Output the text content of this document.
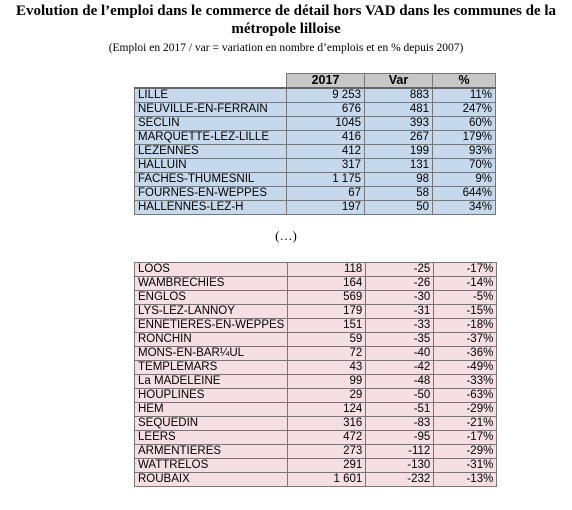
Evolution de l’emploi dans le commerce de détail hors VAD dans les communes de la métropole lilloise
(Emploi en 2017 / var = variation en nombre d’emplois et en % depuis 2007)
	2017	Var	%
LILLE	9 253	883	11%
NEUVILLE-EN-FERRAIN	676	481	247%
SECLIN	1045	393	60%
MARQUETTE-LEZ-LILLE	416	267	179%
LEZENNES	412	199	93%
HALLUIN	317	131	70%
FACHES-THUMESNIL	1 175	98	9%
FOURNES-EN-WEPPES	67	58	644%
HALLENNES-LEZ-H	197	50	34%
(…)
LOOS	118	-25	-17%
WAMBRECHIES	164	-26	-14%
ENGLOS	569	-30	-5%
LYS-LEZ-LANNOY	179	-31	-15%
ENNETIERES-EN-WEPPES	151	-33	-18%
RONCHIN	59	-35	-37%
MONS-EN-BAR¼UL	72	-40	-36%
TEMPLEMARS	43	-42	-49%
La MADELEINE	99	-48	-33%
HOUPLINES	29	-50	-63%
HEM	124	-51	-29%
SEQUEDIN	316	-83	-21%
LEERS	472	-95	-17%
ARMENTIERES	273	-112	-29%
WATTRELOS	291	-130	-31%
ROUBAIX	1 601	-232	-13%
